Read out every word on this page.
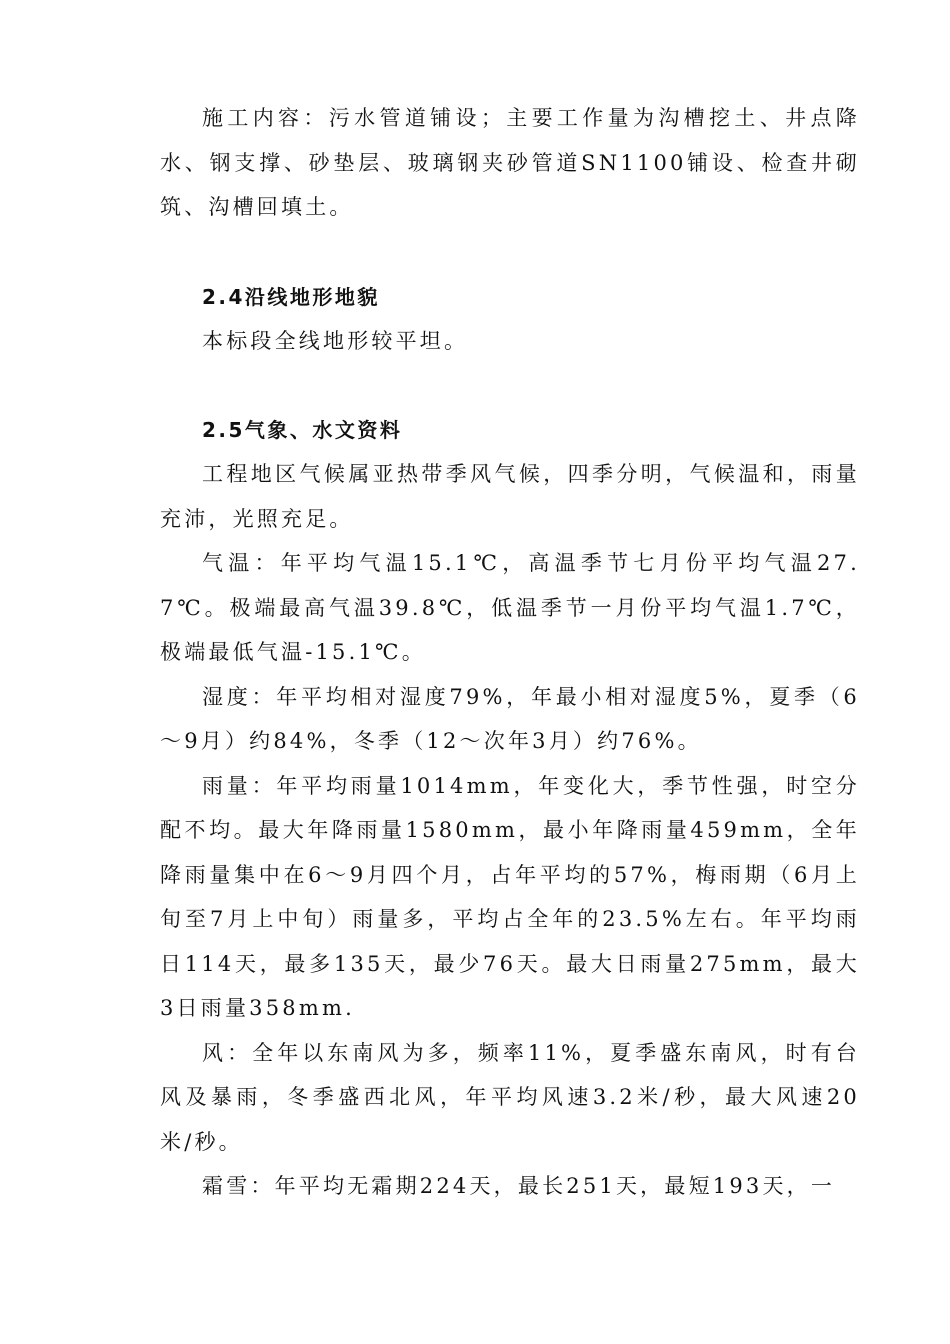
施工内容：污水管道铺设；主要工作量为沟槽挖土、井点降水、钢支撑、砂垫层、玻璃钢夹砂管道SN1100铺设、检查井砌筑、沟槽回填土。

2.4沿线地形地貌

本标段全线地形较平坦。

2.5气象、水文资料

工程地区气候属亚热带季风气候，四季分明，气候温和，雨量充沛，光照充足。

气温：年平均气温15.1℃，高温季节七月份平均气温27.7℃。极端最高气温39.8℃，低温季节一月份平均气温1.7℃，极端最低气温-15.1℃。

湿度：年平均相对湿度79%，年最小相对湿度5%，夏季（6～9月）约84%，冬季（12～次年3月）约76%。

雨量：年平均雨量1014mm，年变化大，季节性强，时空分配不均。最大年降雨量1580mm，最小年降雨量459mm，全年降雨量集中在6～9月四个月，占年平均的57%，梅雨期（6月上旬至7月上中旬）雨量多，平均占全年的23.5%左右。年平均雨日114天，最多135天，最少76天。最大日雨量275mm，最大3日雨量358mm.

风：全年以东南风为多，频率11%，夏季盛东南风，时有台风及暴雨，冬季盛西北风，年平均风速3.2米/秒，最大风速20米/秒。

霜雪：年平均无霜期224天，最长251天，最短193天，一
